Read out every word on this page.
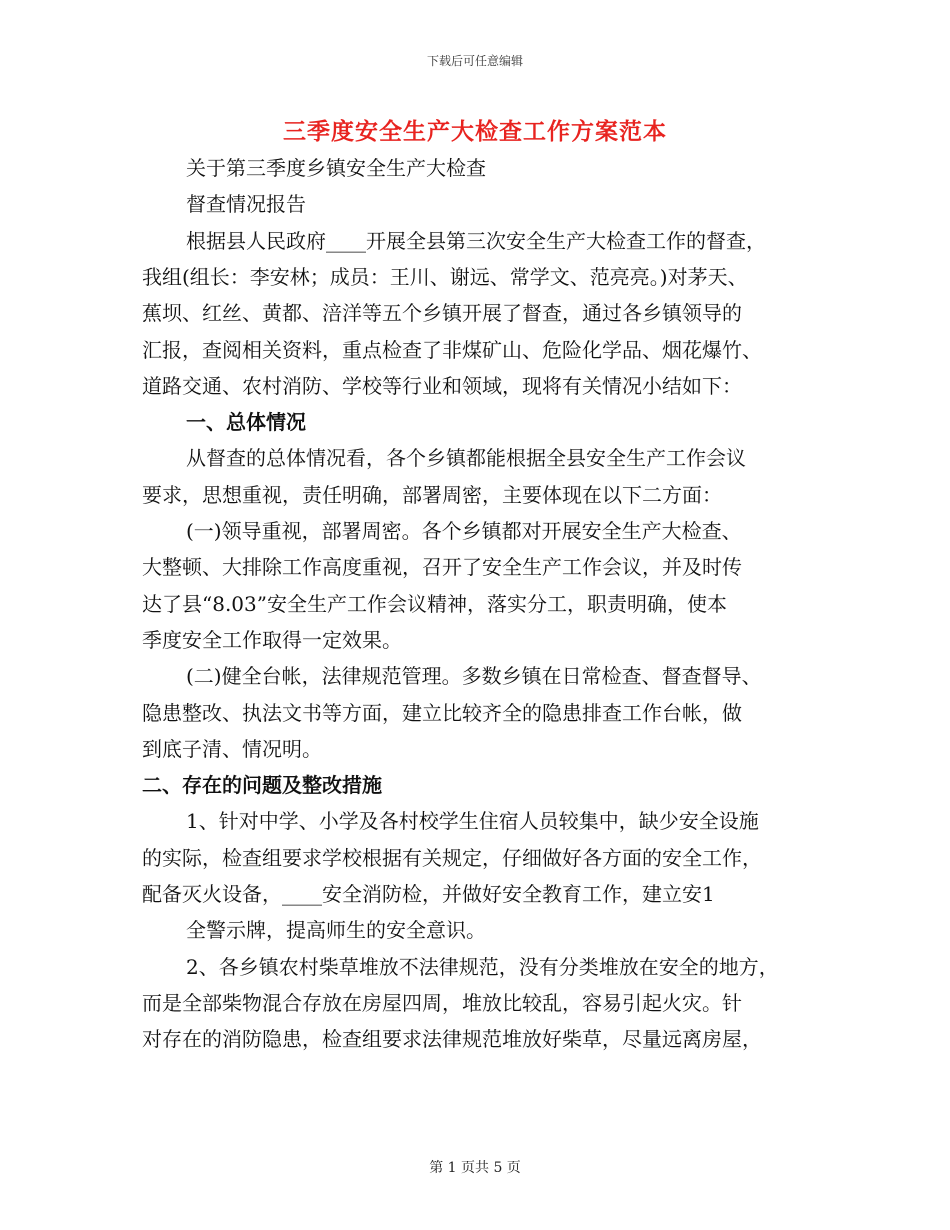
下载后可任意编辑
三季度安全生产大检查工作方案范本
关于第三季度乡镇安全生产大检查
督查情况报告
根据县人民政府____开展全县第三次安全生产大检查工作的督查，
我组(组长：李安林；成员：王川、谢远、常学文、范亮亮。)对茅天、
蕉坝、红丝、黄都、涪洋等五个乡镇开展了督查，通过各乡镇领导的
汇报，查阅相关资料，重点检查了非煤矿山、危险化学品、烟花爆竹、
道路交通、农村消防、学校等行业和领域，现将有关情况小结如下：
一、总体情况
从督查的总体情况看，各个乡镇都能根据全县安全生产工作会议
要求，思想重视，责任明确，部署周密，主要体现在以下二方面：
(一)领导重视，部署周密。各个乡镇都对开展安全生产大检查、
大整顿、大排除工作高度重视，召开了安全生产工作会议，并及时传
达了县“8.03”安全生产工作会议精神，落实分工，职责明确，使本
季度安全工作取得一定效果。
(二)健全台帐，法律规范管理。多数乡镇在日常检查、督查督导、
隐患整改、执法文书等方面，建立比较齐全的隐患排查工作台帐，做
到底子清、情况明。
二、存在的问题及整改措施
1、针对中学、小学及各村校学生住宿人员较集中，缺少安全设施
的实际，检查组要求学校根据有关规定，仔细做好各方面的安全工作，
配备灭火设备，____安全消防检，并做好安全教育工作，建立安1
全警示牌，提高师生的安全意识。
2、各乡镇农村柴草堆放不法律规范，没有分类堆放在安全的地方，
而是全部柴物混合存放在房屋四周，堆放比较乱，容易引起火灾。针
对存在的消防隐患，检查组要求法律规范堆放好柴草，尽量远离房屋，
第 1 页共 5 页
